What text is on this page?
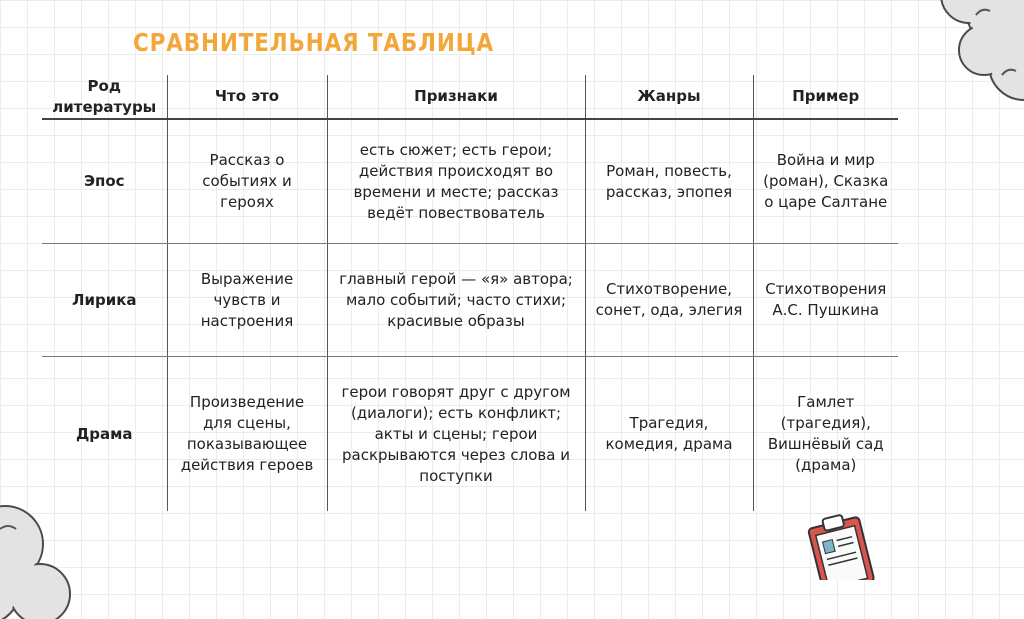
СРАВНИТЕЛЬНАЯ ТАБЛИЦА
Род литературы	Что это	Признаки	Жанры	Пример
Эпос	Рассказ о событиях и героях	есть сюжет; есть герои; действия происходят во времени и месте; рассказ ведёт повествователь	Роман, повесть, рассказ, эпопея	Война и мир (роман), Сказка о царе Салтане
Лирика	Выражение чувств и настроения	главный герой — «я» автора; мало событий; часто стихи; красивые образы	Стихотворение, сонет, ода, элегия	Стихотворения А.С. Пушкина
Драма	Произведение для сцены, показывающее действия героев	герои говорят друг с другом (диалоги); есть конфликт; акты и сцены; герои раскрываются через слова и поступки	Трагедия, комедия, драма	Гамлет (трагедия), Вишнёвый сад (драма)
